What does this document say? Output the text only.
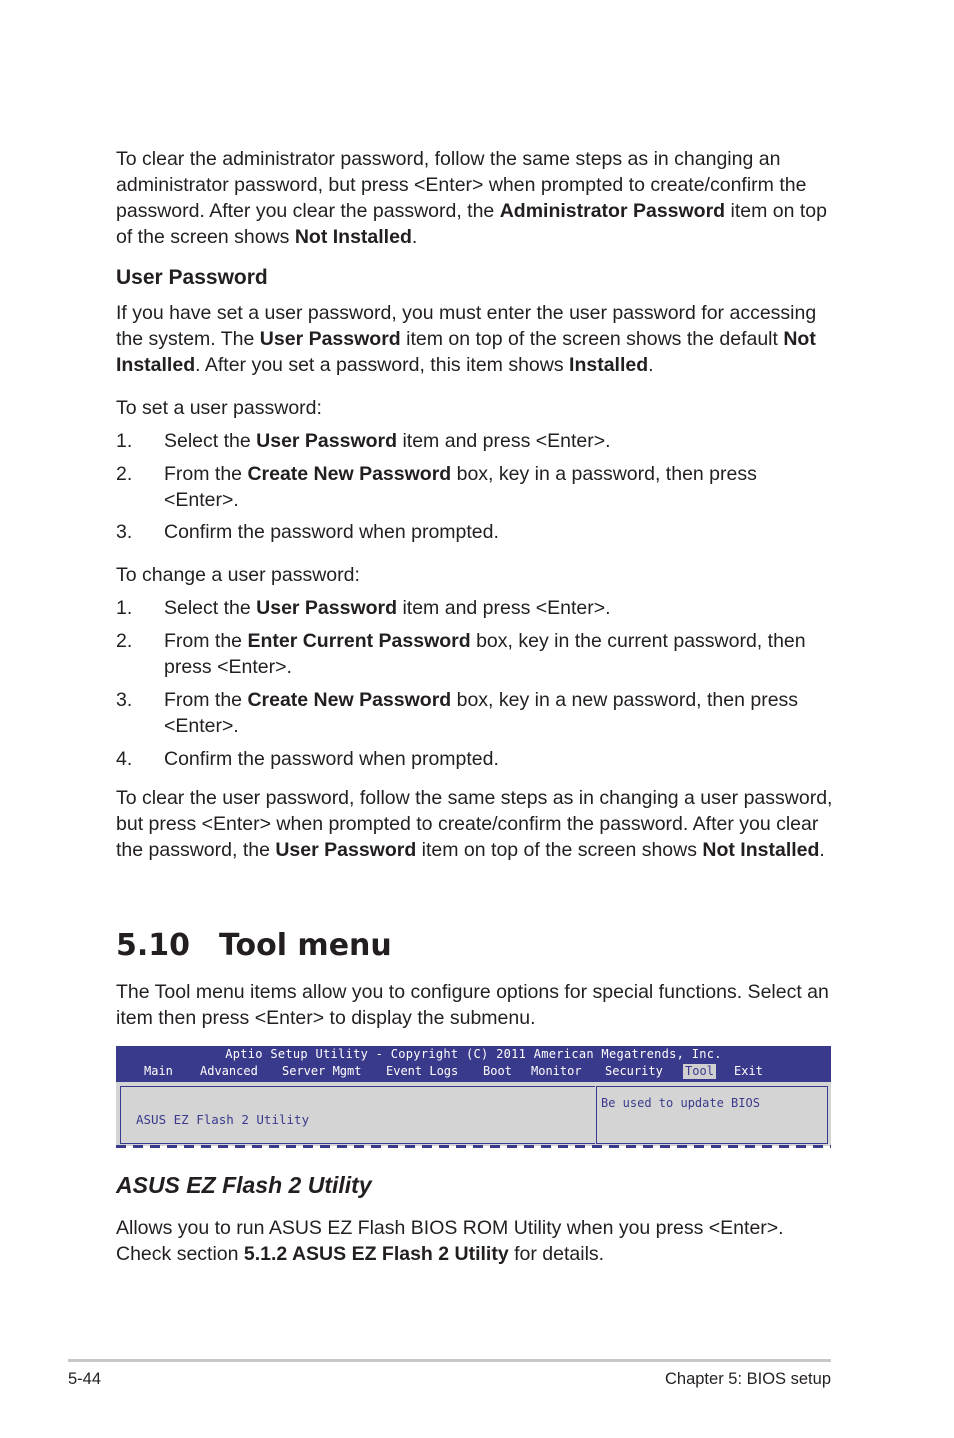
To clear the administrator password, follow the same steps as in changing an
administrator password, but press <Enter> when prompted to create/confirm the
password. After you clear the password, the Administrator Password item on top
of the screen shows Not Installed.
User Password
If you have set a user password, you must enter the user password for accessing
the system. The User Password item on top of the screen shows the default Not
Installed. After you set a password, this item shows Installed.
To set a user password:
1. Select the User Password item and press <Enter>.
2. From the Create New Password box, key in a password, then press
<Enter>.
3. Confirm the password when prompted.
To change a user password:
1. Select the User Password item and press <Enter>.
2. From the Enter Current Password box, key in the current password, then
press <Enter>.
3. From the Create New Password box, key in a new password, then press
<Enter>.
4. Confirm the password when prompted.
To clear the user password, follow the same steps as in changing a user password,
but press <Enter> when prompted to create/confirm the password. After you clear
the password, the User Password item on top of the screen shows Not Installed.
5.10 Tool menu
The Tool menu items allow you to configure options for special functions. Select an
item then press <Enter> to display the submenu.
Aptio Setup Utility - Copyright (C) 2011 American Megatrends, Inc.
Main Advanced Server Mgmt Event Logs Boot Monitor Security Tool Exit
ASUS EZ Flash 2 Utility
Be used to update BIOS
ASUS EZ Flash 2 Utility
Allows you to run ASUS EZ Flash BIOS ROM Utility when you press <Enter>.
Check section 5.1.2 ASUS EZ Flash 2 Utility for details.
5-44	Chapter 5: BIOS setup
